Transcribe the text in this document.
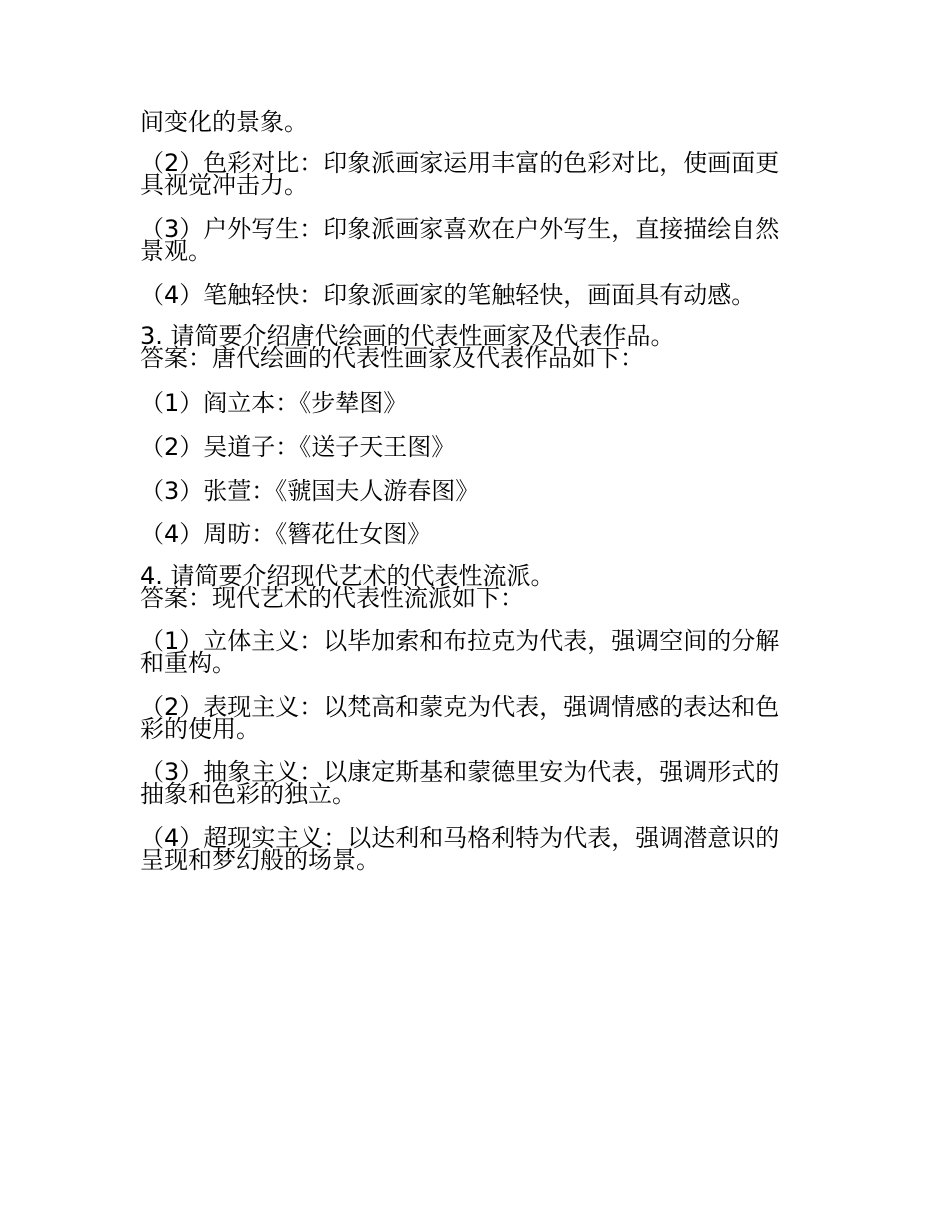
间变化的景象。
（2）色彩对比：印象派画家运用丰富的色彩对比，使画面更
具视觉冲击力。
（3）户外写生：印象派画家喜欢在户外写生，直接描绘自然
景观。
（4）笔触轻快：印象派画家的笔触轻快，画面具有动感。
3. 请简要介绍唐代绘画的代表性画家及代表作品。
答案：唐代绘画的代表性画家及代表作品如下：
（1）阎立本：《步辇图》
（2）吴道子：《送子天王图》
（3）张萱：《虢国夫人游春图》
（4）周昉：《簪花仕女图》
4. 请简要介绍现代艺术的代表性流派。
答案：现代艺术的代表性流派如下：
（1）立体主义：以毕加索和布拉克为代表，强调空间的分解
和重构。
（2）表现主义：以梵高和蒙克为代表，强调情感的表达和色
彩的使用。
（3）抽象主义：以康定斯基和蒙德里安为代表，强调形式的
抽象和色彩的独立。
（4）超现实主义：以达利和马格利特为代表，强调潜意识的
呈现和梦幻般的场景。
